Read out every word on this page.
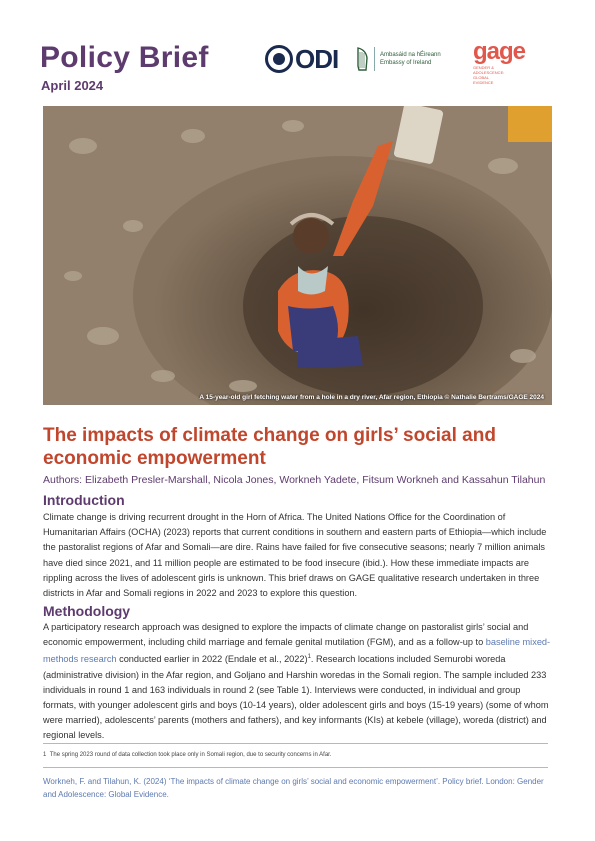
Policy Brief
April 2024
ODI	Ambasáid na hÉireann
Embassy of Ireland	gage
GENDER &
ADOLESCENCE:
GLOBAL
EVIDENCE
A 15-year-old girl fetching water from a hole in a dry river, Afar region, Ethiopia © Nathalie Bertrams/GAGE 2024
The impacts of climate change on girls’ social and economic empowerment
Authors: Elizabeth Presler-Marshall, Nicola Jones, Workneh Yadete, Fitsum Workneh and Kassahun Tilahun
Introduction
Climate change is driving recurrent drought in the Horn of Africa. The United Nations Office for the Coordination of Humanitarian Affairs (OCHA) (2023) reports that current conditions in southern and eastern parts of Ethiopia—which include the pastoralist regions of Afar and Somali—are dire. Rains have failed for five consecutive seasons; nearly 7 million animals have died since 2021, and 11 million people are estimated to be food insecure (ibid.). How these immediate impacts are rippling across the lives of adolescent girls is unknown. This brief draws on GAGE qualitative research undertaken in three districts in Afar and Somali regions in 2022 and 2023 to explore this question.
Methodology
A participatory research approach was designed to explore the impacts of climate change on pastoralist girls’ social and economic empowerment, including child marriage and female genital mutilation (FGM), and as a follow-up to baseline mixed-methods research conducted earlier in 2022 (Endale et al., 2022)$^1$. Research locations included Semurobi woreda (administrative division) in the Afar region, and Goljano and Harshin woredas in the Somali region. The sample included 233 individuals in round 1 and 163 individuals in round 2 (see Table 1). Interviews were conducted, in individual and group formats, with younger adolescent girls and boys (10-14 years), older adolescent girls and boys (15-19 years) (some of whom were married), adolescents’ parents (mothers and fathers), and key informants (KIs) at kebele (village), woreda (district) and regional levels.
1 The spring 2023 round of data collection took place only in Somali region, due to security concerns in Afar.
Workneh, F. and Tilahun, K. (2024) ‘The impacts of climate change on girls’ social and economic empowerment’. Policy brief. London: Gender and Adolescence: Global Evidence.
